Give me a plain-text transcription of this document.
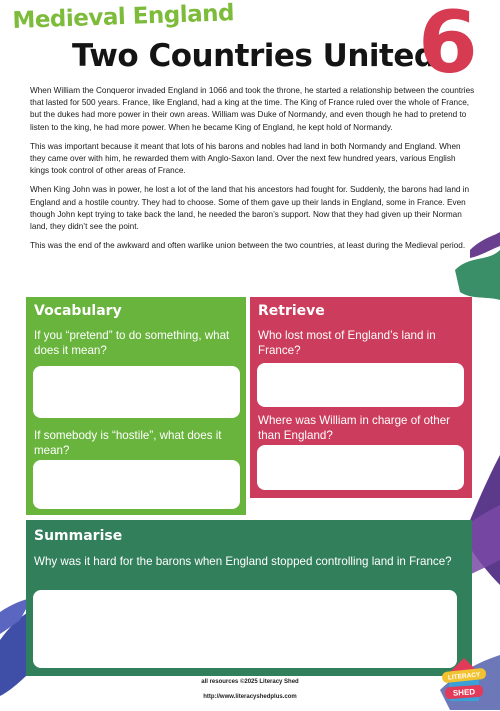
Medieval England
Two Countries United
6

When William the Conqueror invaded England in 1066 and took the throne, he started a relationship between the countries that lasted for 500 years. France, like England, had a king at the time. The King of France ruled over the whole of France, but the dukes had more power in their own areas. William was Duke of Normandy, and even though he had to pretend to listen to the king, he had more power. When he became King of England, he kept hold of Normandy.

This was important because it meant that lots of his barons and nobles had land in both Normandy and England. When they came over with him, he rewarded them with Anglo-Saxon land. Over the next few hundred years, various English kings took control of other areas of France.

When King John was in power, he lost a lot of the land that his ancestors had fought for. Suddenly, the barons had land in England and a hostile country. They had to choose. Some of them gave up their lands in England, some in France. Even though John kept trying to take back the land, he needed the baron’s support. Now that they had given up their Norman land, they didn’t see the point.

This was the end of the awkward and often warlike union between the two countries, at least during the Medieval period.

Vocabulary
If you “pretend” to do something, what does it mean?
If somebody is “hostile”, what does it mean?
Retrieve
Who lost most of England’s land in France?
Where was William in charge of other than England?
Summarise
Why was it hard for the barons when England stopped controlling land in France?
all resources ©2025 Literacy Shed
http://www.literacyshedplus.com
LITERACY
SHED
